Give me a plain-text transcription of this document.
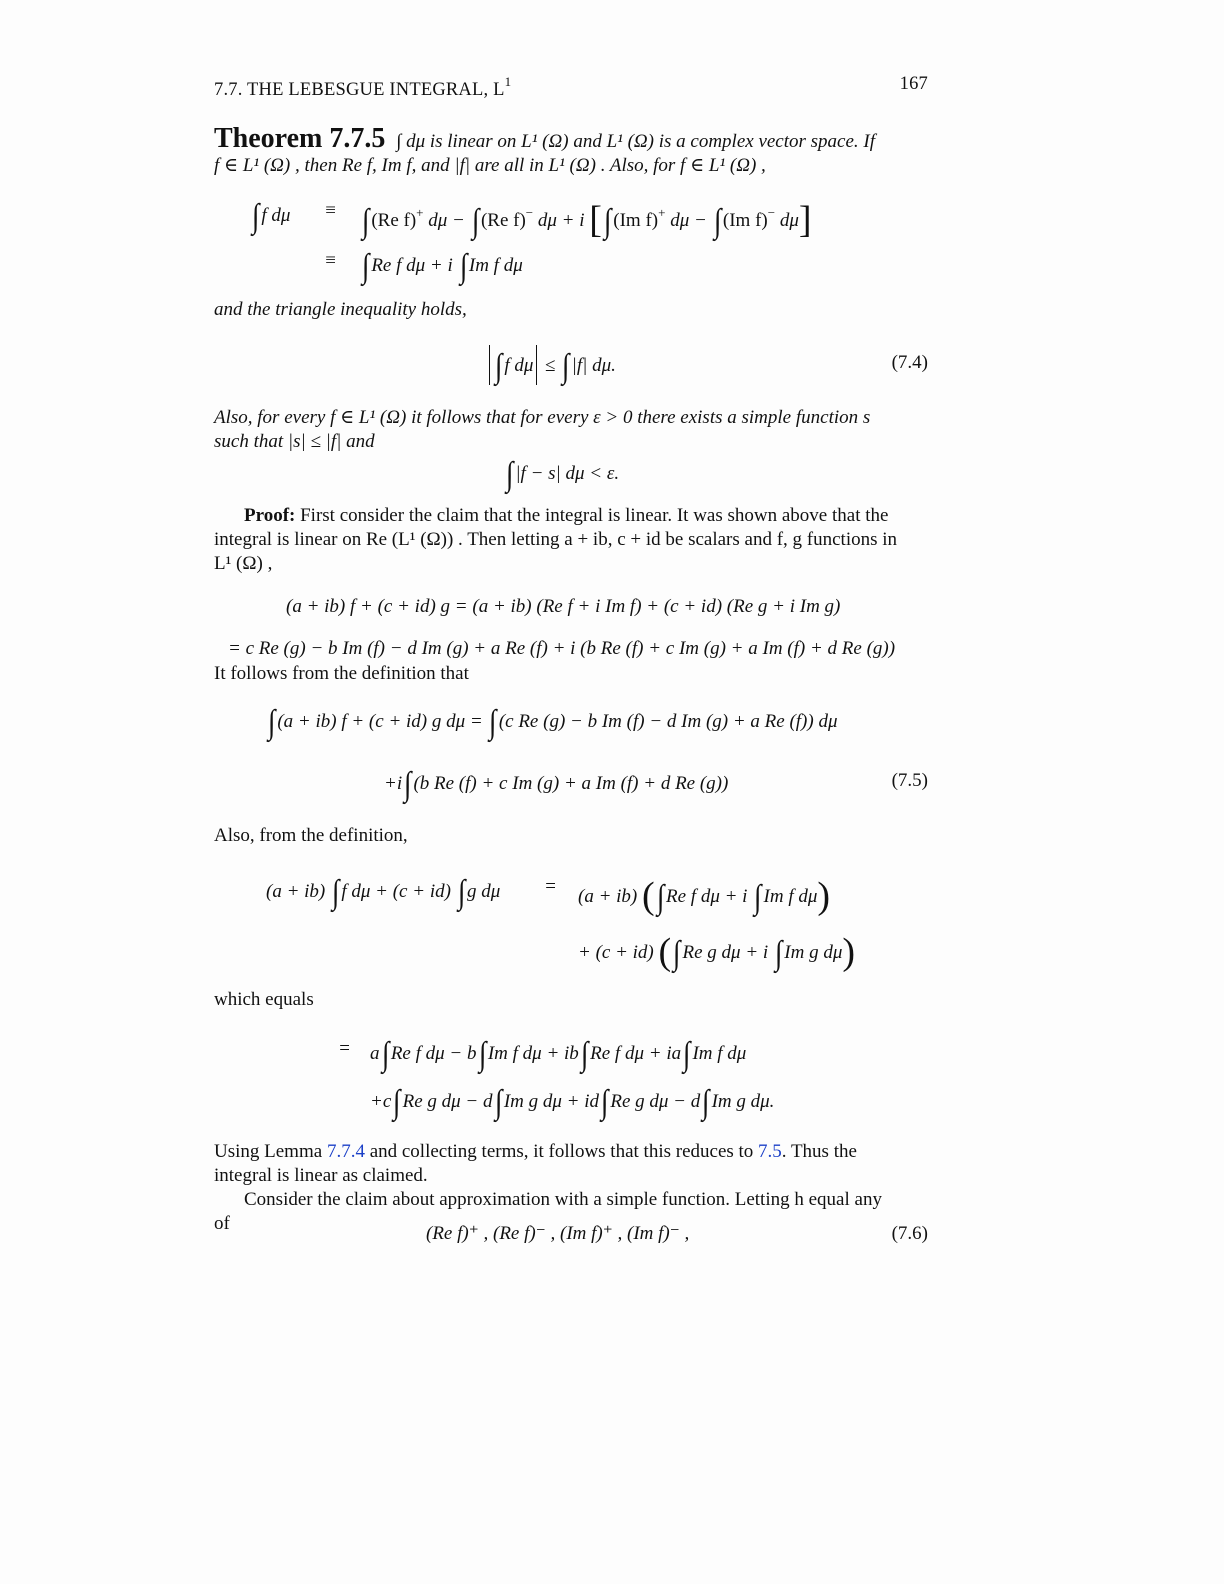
7.7. THE LEBESGUE INTEGRAL, $L^1$	167
Theorem 7.7.5 ∫ dμ is linear on L¹ (Ω) and L¹ (Ω) is a complex vector space. If
f ∈ L¹ (Ω) , then Re f, Im f, and |f| are all in L¹ (Ω) . Also, for f ∈ L¹ (Ω) ,
∫ f dμ ≡ ∫ (Re f)+ dμ − ∫ (Re f)− dμ + i [∫ (Im f)+ dμ − ∫ (Im f)− dμ]
≡ ∫ Re f dμ + i ∫ Im f dμ
and the triangle inequality holds,
∫ f dμ ≤ ∫ |f| dμ.	(7.4)
Also, for every f ∈ L¹ (Ω) it follows that for every ε > 0 there exists a simple function s
such that |s| ≤ |f| and
∫ |f − s| dμ < ε.
Proof: First consider the claim that the integral is linear. It was shown above that the
integral is linear on Re (L¹ (Ω)) . Then letting a + ib, c + id be scalars and f, g functions in
L¹ (Ω) ,
(a + ib) f + (c + id) g = (a + ib) (Re f + i Im f) + (c + id) (Re g + i Im g)
= c Re (g) − b Im (f) − d Im (g) + a Re (f) + i (b Re (f) + c Im (g) + a Im (f) + d Re (g))
It follows from the definition that
∫ (a + ib) f + (c + id) g dμ = ∫ (c Re (g) − b Im (f) − d Im (g) + a Re (f)) dμ
+i∫ (b Re (f) + c Im (g) + a Im (f) + d Re (g))	(7.5)
Also, from the definition,
(a + ib) ∫ f dμ + (c + id) ∫ g dμ = (a + ib) (∫ Re f dμ + i ∫ Im f dμ)
+ (c + id) (∫ Re g dμ + i ∫ Im g dμ)
which equals
= a∫ Re f dμ − b∫ Im f dμ + ib∫ Re f dμ + ia∫ Im f dμ
+c∫ Re g dμ − d∫ Im g dμ + id∫ Re g dμ − d∫ Im g dμ.
Using Lemma 7.7.4 and collecting terms, it follows that this reduces to 7.5. Thus the
integral is linear as claimed.
Consider the claim about approximation with a simple function. Letting h equal any
of	(Re f)⁺ , (Re f)⁻ , (Im f)⁺ , (Im f)⁻ ,	(7.6)
